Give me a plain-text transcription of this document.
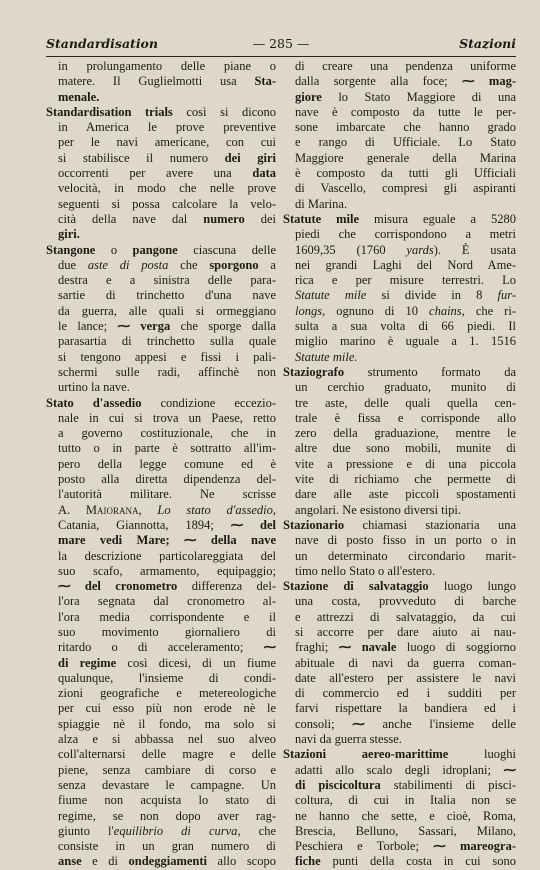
Standardisation	— 285 —	Stazioni
in prolungamento delle piane o
matere. Il Guglielmotti usa Sta-
menale.
Standardisation trials così si dicono
in America le prove preventive
per le navi americane, con cui
si stabilisce il numero dei giri
occorrenti per avere una data
velocità, in modo che nelle prove
seguenti si possa calcolare la velo-
cità della nave dal numero dei
giri.
Stangone o pangone ciascuna delle
due aste di posta che sporgono a
destra e a sinistra delle para-
sartie di trinchetto d'una nave
da guerra, alle quali si ormeggiano
le lance; ⁓ verga che sporge dalla
parasartia di trinchetto sulla quale
si tengono appesi e fissi i pali-
schermi sulle radi, affinchè non
urtino la nave.
Stato d'assedio condizione eccezio-
nale in cui si trova un Paese, retto
a governo costituzionale, che in
tutto o in parte è sottratto all'im-
pero della legge comune ed è
posto alla diretta dipendenza del-
l'autorità militare. Ne scrisse
A. Maiorana, Lo stato d'assedio,
Catania, Giannotta, 1894; ⁓ del
mare vedi Mare; ⁓ della nave
la descrizione particolareggiata del
suo scafo, armamento, equipaggio;
⁓ del cronometro differenza del-
l'ora segnata dal cronometro al-
l'ora media corrispondente e il
suo movimento giornaliero di
ritardo o di acceleramento; ⁓
di regime così dicesi, di un fiume
qualunque, l'insieme di condi-
zioni geografiche e metereologiche
per cui esso più non erode nè le
spiaggie nè il fondo, ma solo si
alza e si abbassa nel suo alveo
coll'alternarsi delle magre e delle
piene, senza cambiare di corso e
senza devastare le campagne. Un
fiume non acquista lo stato di
regime, se non dopo aver rag-
giunto l'equilibrio di curva, che
consiste in un gran numero di
anse e di ondeggiamenti allo scopo
di creare una pendenza uniforme
dalla sorgente alla foce; ⁓ mag-
giore lo Stato Maggiore di una
nave è composto da tutte le per-
sone imbarcate che hanno grado
e rango di Ufficiale. Lo Stato
Maggiore generale della Marina
è composto da tutti gli Ufficiali
di Vascello, compresi gli aspiranti
di Marina.
Statute mile misura eguale a 5280
piedi che corrispondono a metri
1609,35 (1760 yards). È usata
nei grandi Laghi del Nord Ame-
rica e per misure terrestri. Lo
Statute mile si divide in 8 fur-
longs, ognuno di 10 chains, che ri-
sulta a sua volta di 66 piedi. Il
miglio marino è uguale a 1. 1516
Statute mile.
Staziografo strumento formato da
un cerchio graduato, munito di
tre aste, delle quali quella cen-
trale è fissa e corrisponde allo
zero della graduazione, mentre le
altre due sono mobili, munite di
vite a pressione e di una piccola
vite di richiamo che permette di
dare alle aste piccoli spostamenti
angolari. Ne esistono diversi tipi.
Stazionario chiamasi stazionaria una
nave di posto fisso in un porto o in
un determinato circondario marit-
timo nello Stato o all'estero.
Stazione di salvataggio luogo lungo
una costa, provveduto di barche
e attrezzi di salvataggio, da cui
si accorre per dare aiuto ai nau-
fraghi; ⁓ navale luogo di soggiorno
abituale di navi da guerra coman-
date all'estero per assistere le navi
di commercio ed i sudditi per
farvi rispettare la bandiera ed i
consoli; ⁓ anche l'insieme delle
navi da guerra stesse.
Stazioni aereo-marittime luoghi
adatti allo scalo degli idroplani; ⁓
di piscicoltura stabilimenti di pisci-
coltura, di cui in Italia non se
ne hanno che sette, e cioè, Roma,
Brescia, Belluno, Sassari, Milano,
Peschiera e Torbole; ⁓ mareogra-
fiche punti della costa in cui sono
